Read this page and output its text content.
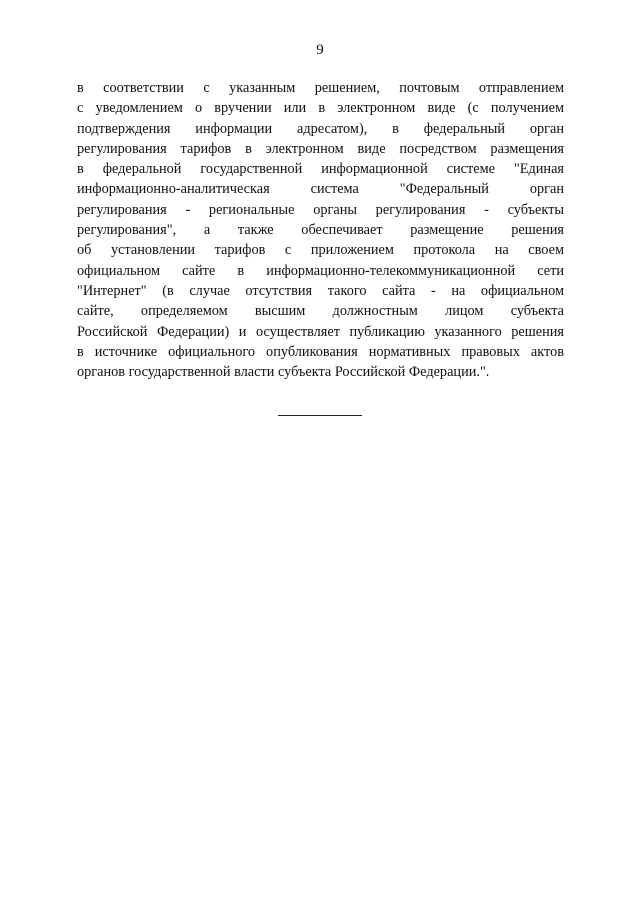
9
в соответствии с указанным решением, почтовым отправлением
с уведомлением о вручении или в электронном виде (с получением
подтверждения информации адресатом), в федеральный орган
регулирования тарифов в электронном виде посредством размещения
в федеральной государственной информационной системе "Единая
информационно-аналитическая система "Федеральный орган
регулирования - региональные органы регулирования - субъекты
регулирования", а также обеспечивает размещение решения
об установлении тарифов с приложением протокола на своем
официальном сайте в информационно-телекоммуникационной сети
"Интернет" (в случае отсутствия такого сайта - на официальном
сайте, определяемом высшим должностным лицом субъекта
Российской Федерации) и осуществляет публикацию указанного решения
в источнике официального опубликования нормативных правовых актов
органов государственной власти субъекта Российской Федерации.".
